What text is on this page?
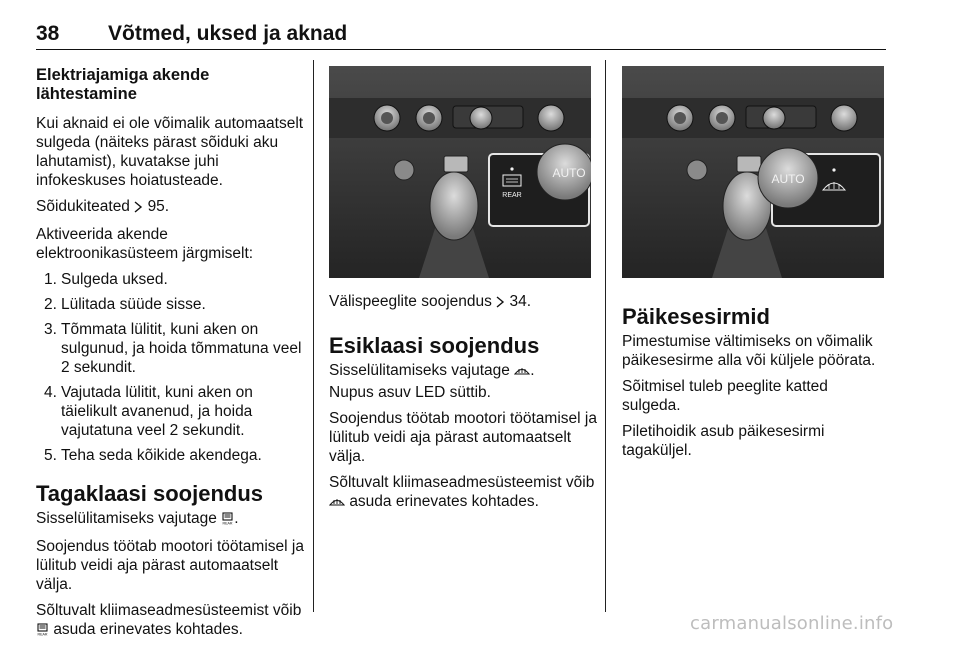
38 Võtmed, uksed ja aknad
Elektriajamiga akende lähtestamine

Kui aknaid ei ole võimalik automaatselt sulgeda (näiteks pärast sõiduki aku lahutamist), kuvatakse juhi infokeskuses hoiatusteade.

Sõidukiteated 95.

Aktiveerida akende elektroonikasüsteem järgmiselt:

1. Sulgeda uksed.
2. Lülitada süüde sisse.
3. Tõmmata lülitit, kuni aken on sulgunud, ja hoida tõmmatuna veel 2 sekundit.
4. Vajutada lülitit, kuni aken on täielikult avanenud, ja hoida vajutatuna veel 2 sekundit.
5. Teha seda kõikide akendega.
Tagaklaasi soojendus

Sisselülitamiseks vajutage REAR .

Soojendus töötab mootori töötamisel ja lülitub veidi aja pärast automaatselt välja.

Sõltuvalt kliimaseadmesüsteemist võib
REAR asuda erinevates kohtades.

AUTO
REAR

Välispeeglite soojendus 34.

Esiklaasi soojendus

Sisselülitamiseks vajutage .

Nupus asuv LED süttib.

Soojendus töötab mootori töötamisel ja lülitub veidi aja pärast automaatselt välja.

Sõltuvalt kliimaseadmesüsteemist võib  asuda erinevates kohtades.

AUTO
Päikesesirmid

Pimestumise vältimiseks on võimalik päikesesirme alla või küljele pöörata.

Sõitmisel tuleb peeglite katted sulgeda.

Piletihoidik asub päikesesirmi tagaküljel.

carmanualsonline.info
